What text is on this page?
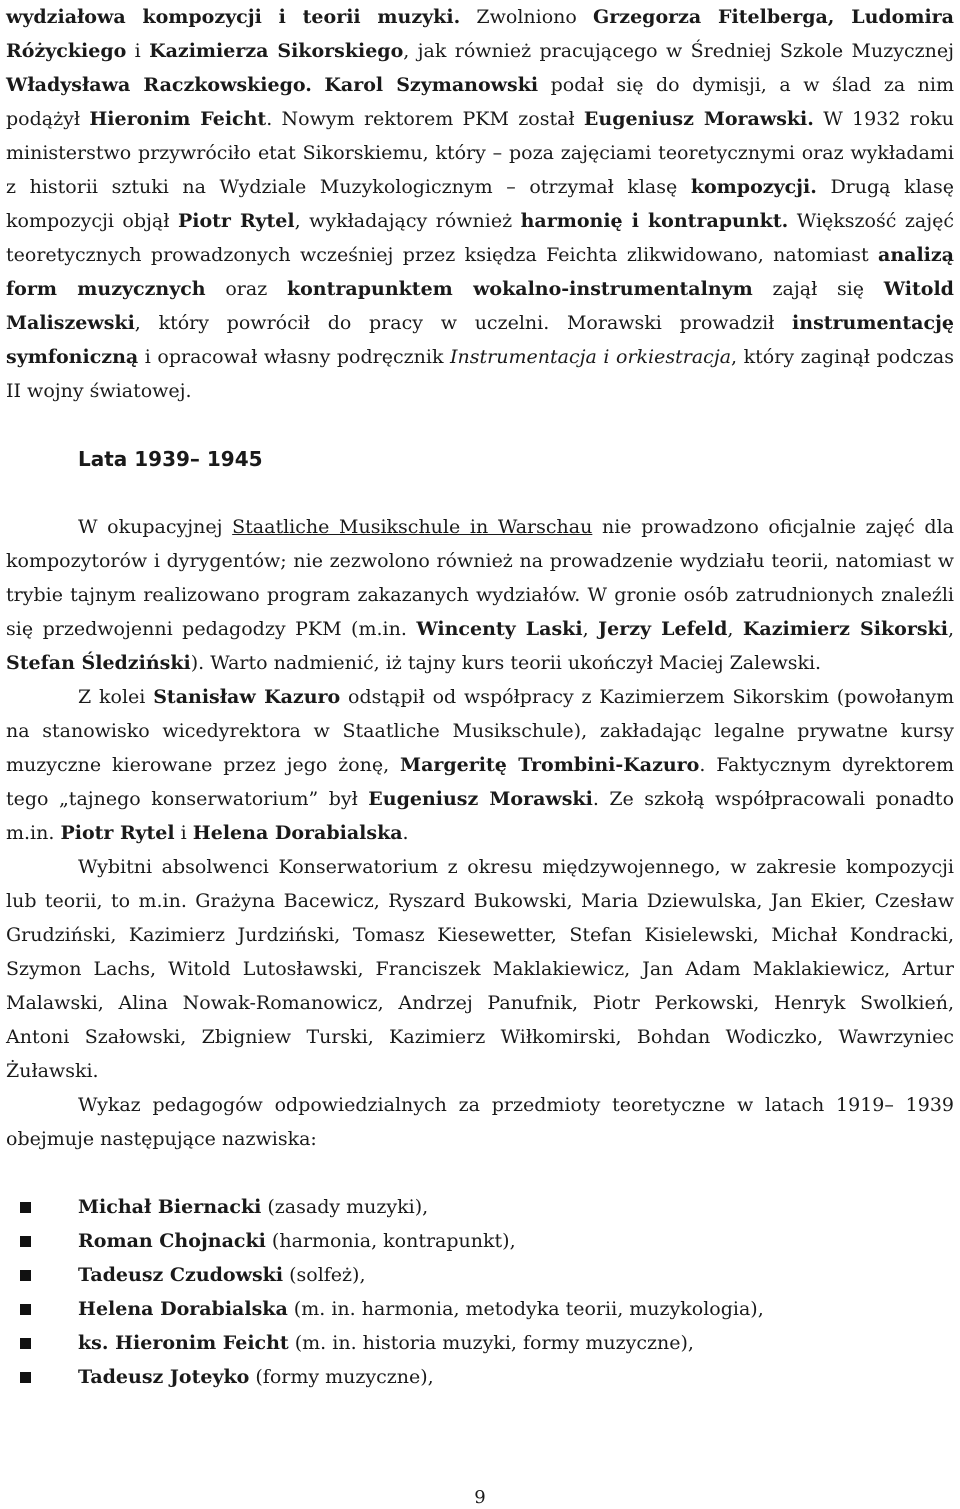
wydziałowa kompozycji i teorii muzyki. Zwolniono Grzegorza Fitelberga, Ludomira Różyckiego i Kazimierza Sikorskiego, jak również pracującego w Średniej Szkole Muzycznej Władysława Raczkowskiego. Karol Szymanowski podał się do dymisji, a w ślad za nim podążył Hieronim Feicht. Nowym rektorem PKM został Eugeniusz Morawski. W 1932 roku ministerstwo przywróciło etat Sikorskiemu, który – poza zajęciami teoretycznymi oraz wykładami z historii sztuki na Wydziale Muzykologicznym – otrzymał klasę kompozycji. Drugą klasę kompozycji objął Piotr Rytel, wykładający również harmonię i kontrapunkt. Większość zajęć teoretycznych prowadzonych wcześniej przez księdza Feichta zlikwidowano, natomiast analizą form muzycznych oraz kontrapunktem wokalno-instrumentalnym zajął się Witold Maliszewski, który powrócił do pracy w uczelni. Morawski prowadził instrumentację symfoniczną i opracował własny podręcznik Instrumentacja i orkiestracja, który zaginął podczas II wojny światowej.

Lata 1939– 1945

W okupacyjnej Staatliche Musikschule in Warschau nie prowadzono oficjalnie zajęć dla kompozytorów i dyrygentów; nie zezwolono również na prowadzenie wydziału teorii, natomiast w trybie tajnym realizowano program zakazanych wydziałów. W gronie osób zatrudnionych znaleźli się przedwojenni pedagodzy PKM (m.in. Wincenty Laski, Jerzy Lefeld, Kazimierz Sikorski, Stefan Śledziński). Warto nadmienić, iż tajny kurs teorii ukończył Maciej Zalewski.

Z kolei Stanisław Kazuro odstąpił od współpracy z Kazimierzem Sikorskim (powołanym na stanowisko wicedyrektora w Staatliche Musikschule), zakładając legalne prywatne kursy muzyczne kierowane przez jego żonę, Margeritę Trombini-Kazuro. Faktycznym dyrektorem tego „tajnego konserwatorium” był Eugeniusz Morawski. Ze szkołą współpracowali ponadto m.in. Piotr Rytel i Helena Dorabialska.

Wybitni absolwenci Konserwatorium z okresu międzywojennego, w zakresie kompozycji lub teorii, to m.in. Grażyna Bacewicz, Ryszard Bukowski, Maria Dziewulska, Jan Ekier, Czesław Grudziński, Kazimierz Jurdziński, Tomasz Kiesewetter, Stefan Kisielewski, Michał Kondracki, Szymon Lachs, Witold Lutosławski, Franciszek Maklakiewicz, Jan Adam Maklakiewicz, Artur Malawski, Alina Nowak-Romanowicz, Andrzej Panufnik, Piotr Perkowski, Henryk Swolkień, Antoni Szałowski, Zbigniew Turski, Kazimierz Wiłkomirski, Bohdan Wodiczko, Wawrzyniec Żuławski.

Wykaz pedagogów odpowiedzialnych za przedmioty teoretyczne w latach 1919– 1939 obejmuje następujące nazwiska:

Michał Biernacki (zasady muzyki),
Roman Chojnacki (harmonia, kontrapunkt),
Tadeusz Czudowski (solfeż),
Helena Dorabialska (m. in. harmonia, metodyka teorii, muzykologia),
ks. Hieronim Feicht (m. in. historia muzyki, formy muzyczne),
Tadeusz Joteyko (formy muzyczne),
9
